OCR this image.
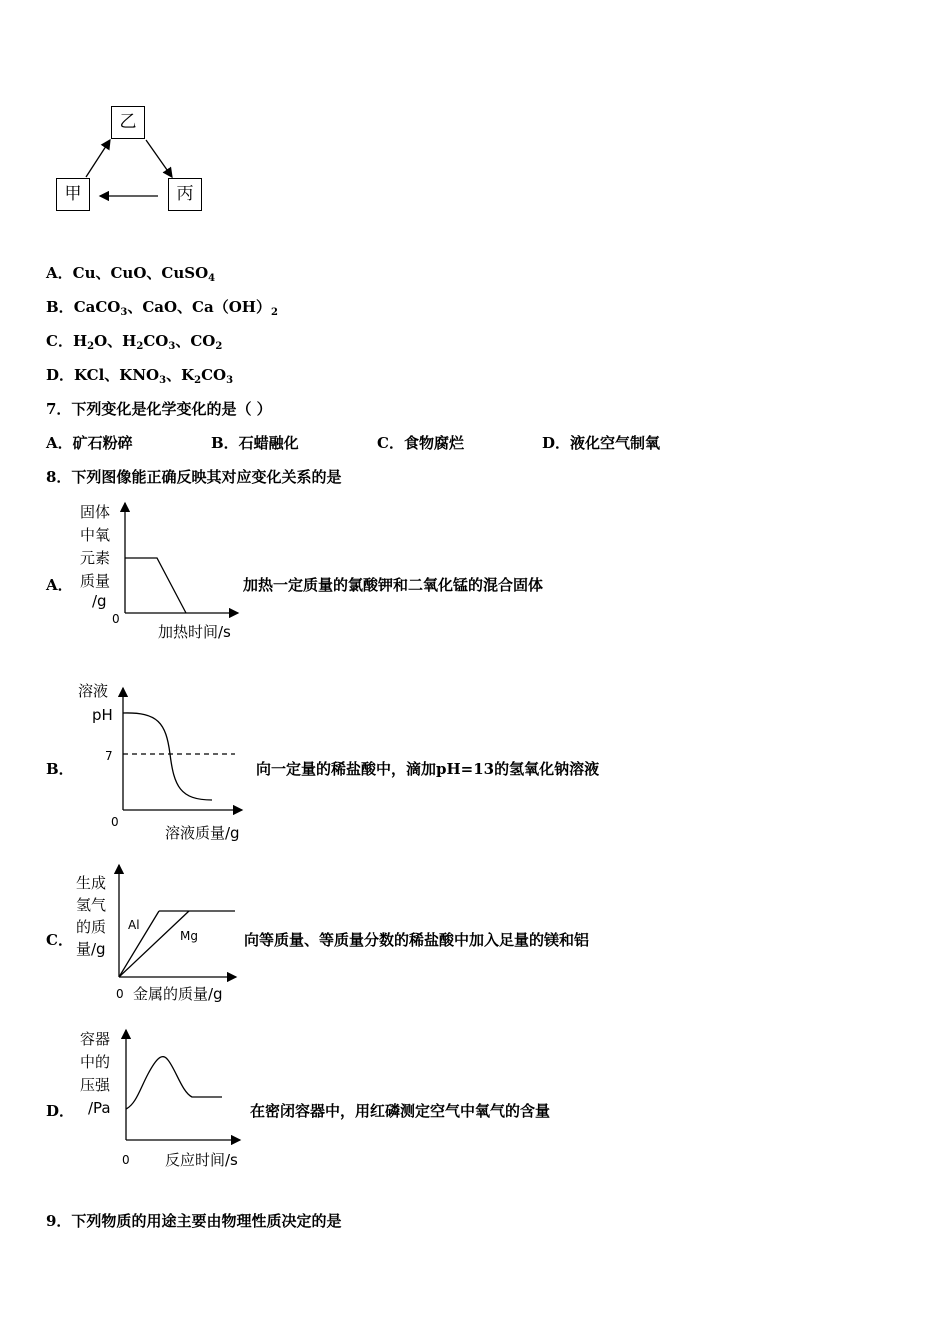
乙
甲	丙
A．Cu、CuO、CuSO$_4$
B．CaCO$_3$、CaO、$Ca(OH)_2$
C．$H_2O$、$H_2CO_3$、$CO_2$
D．KCl、$KNO_3$、$K_2CO_3$
7．下列变化是化学变化的是（ ）
A．矿石粉碎	B．石蜡融化	C．食物腐烂	D．液化空气制氧
8．下列图像能正确反映其对应变化关系的是
A．
固体
中氧
元素
质量
/g
0
加热时间/s
加热一定质量的氯酸钾和二氧化锰的混合固体
B．
溶液
pH
7
0
溶液质量/g
向一定量的稀盐酸中，滴加pH=13的氢氧化钠溶液
C．
生成
氢气
的质
量/g
Al
Mg
0 金属的质量/g
向等质量、等质量分数的稀盐酸中加入足量的镁和铝
D．
容器
中的
压强
/Pa
0 反应时间/s
在密闭容器中，用红磷测定空气中氧气的含量
9．下列物质的用途主要由物理性质决定的是
